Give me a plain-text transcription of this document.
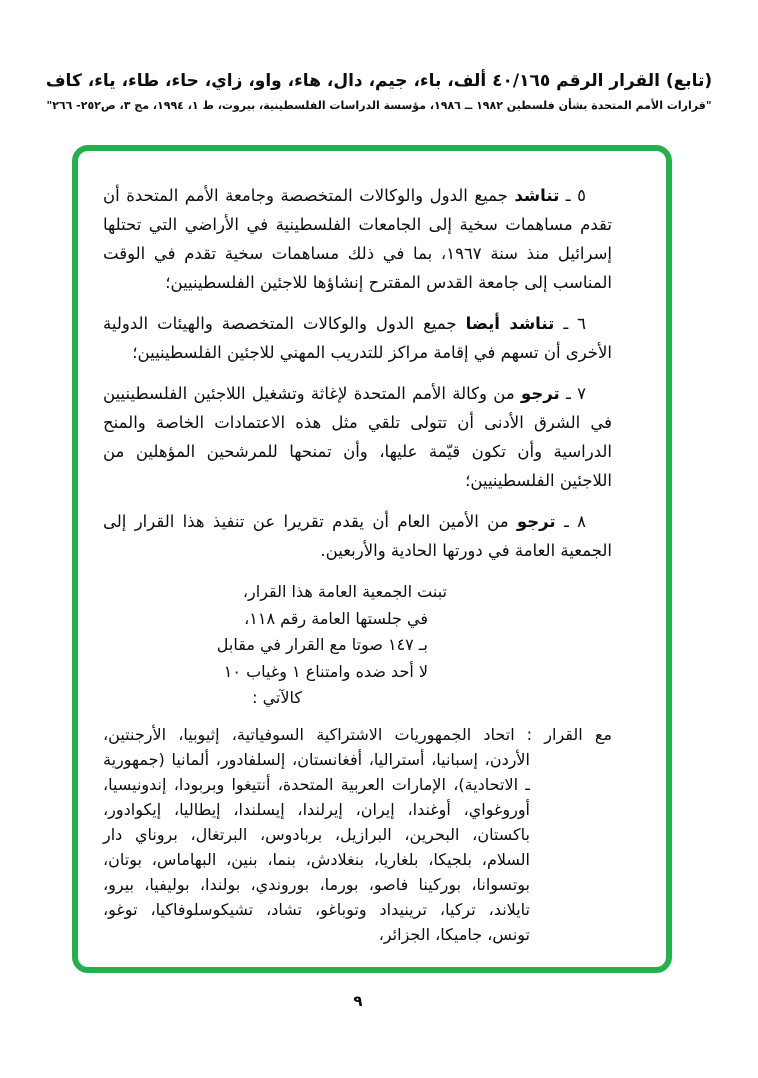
(تابع) القرار الرقم ٤٠/١٦٥ ألف، باء، جيم، دال، هاء، واو، زاي، حاء، طاء، ياء، كاف
"قرارات الأمم المتحدة بشأن فلسطين ١٩٨٢ ــ ١٩٨٦، مؤسسة الدراسات الفلسطينية، بيروت، ط ١، ١٩٩٤، مج ٣، ص٢٥٢- ٢٦٦"

٥ ـ تناشد جميع الدول والوكالات المتخصصة وجامعة الأمم المتحدة أن تقدم مساهمات سخية إلى الجامعات الفلسطينية في الأراضي التي تحتلها إسرائيل منذ سنة ١٩٦٧، بما في ذلك مساهمات سخية تقدم في الوقت المناسب إلى جامعة القدس المقترح إنشاؤها للاجئين الفلسطينيين؛

٦ ـ تناشد أيضا جميع الدول والوكالات المتخصصة والهيئات الدولية الأخرى أن تسهم في إقامة مراكز للتدريب المهني للاجئين الفلسطينيين؛

٧ ـ ترجو من وكالة الأمم المتحدة لإغاثة وتشغيل اللاجئين الفلسطينيين في الشرق الأدنى أن تتولى تلقي مثل هذه الاعتمادات الخاصة والمنح الدراسية وأن تكون قيّمة عليها، وأن تمنحها للمرشحين المؤهلين من اللاجئين الفلسطينيين؛

٨ ـ ترجو من الأمين العام أن يقدم تقريرا عن تنفيذ هذا القرار إلى الجمعية العامة في دورتها الحادية والأربعين.

تبنت الجمعية العامة هذا القرار،
في جلستها العامة رقم ١١٨،
بـ ١٤٧ صوتا مع القرار في مقابل
لا أحد ضده وامتناع ١ وغياب ١٠
كالآتي :

مع القرار :اتحاد الجمهوريات الاشتراكية السوفياتية، إثيوبيا، الأرجنتين، الأردن، إسبانيا، أستراليا، أفغانستان، إلسلفادور، ألمانيا (جمهورية ـ الاتحادية)، الإمارات العربية المتحدة، أنتيغوا وبربودا، إندونيسيا، أوروغواي، أوغندا، إيران، إيرلندا، إيسلندا، إيطاليا، إيكوادور، باكستان، البحرين، البرازيل، بربادوس، البرتغال، بروناي دار السلام، بلجيكا، بلغاريا، بنغلادش، بنما، بنين، البهاماس، بوتان، بوتسوانا، بوركينا فاصو، بورما، بوروندي، بولندا، بوليفيا، بيرو، تايلاند، تركيا، ترينيداد وتوباغو، تشاد، تشيكوسلوفاكيا، توغو، تونس، جاميكا، الجزائر،

٩
